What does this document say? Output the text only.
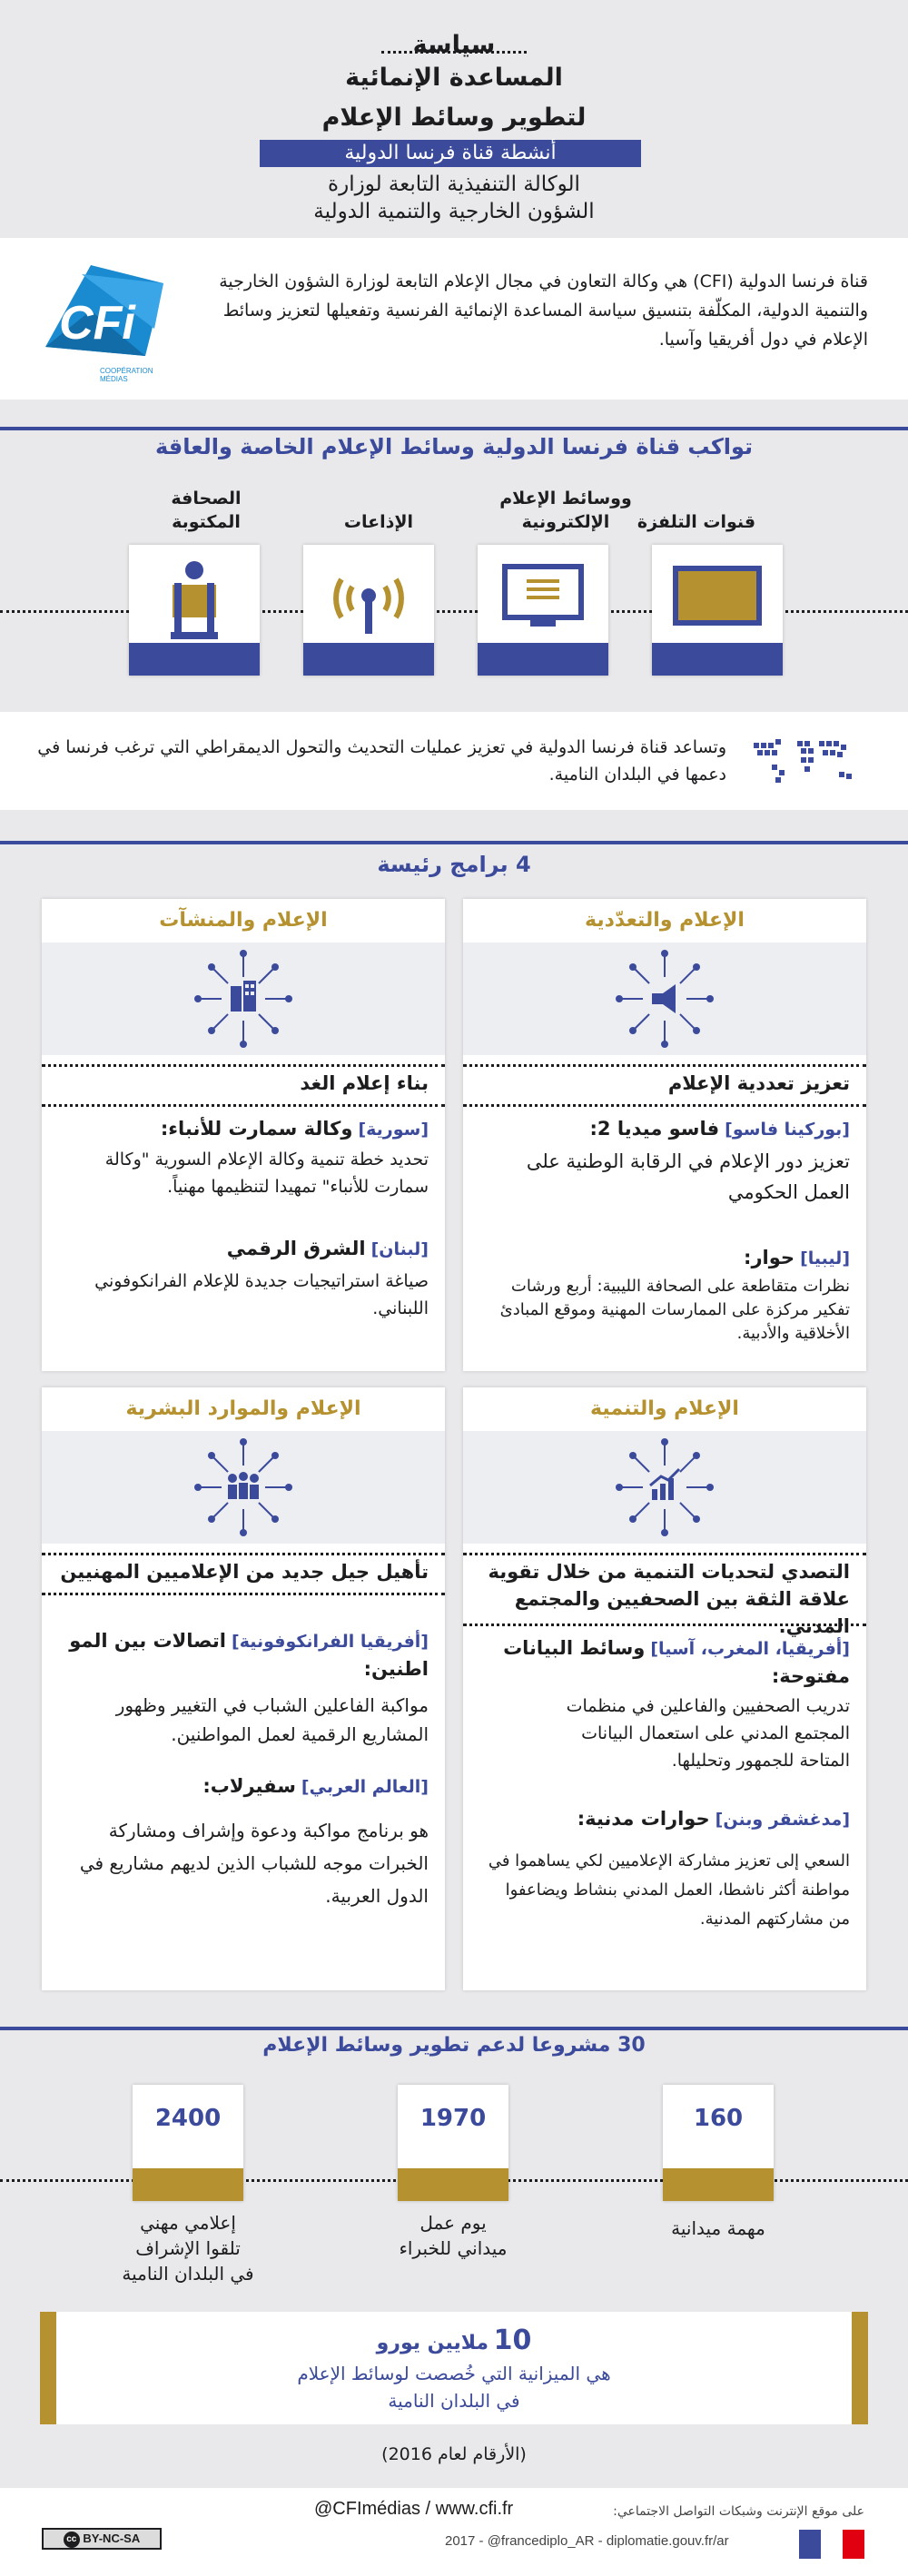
سياسة
المساعدة الإنمائية
لتطوير وسائط الإعلام
أنشطة قناة فرنسا الدولية
الوكالة التنفيذية التابعة لوزارة
الشؤون الخارجية والتنمية الدولية

قناة فرنسا الدولية (CFI) هي وكالة التعاون في مجال الإعلام التابعة لوزارة الشؤون الخارجية والتنمية الدولية، المكلّفة بتنسيق سياسة المساعدة الإنمائية الفرنسية وتفعيلها لتعزيز وسائط الإعلام في دول أفريقيا وآسيا.

CFi
COOPÉRATION
MÉDIAS
تواكب قناة فرنسا الدولية وسائط الإعلام الخاصة والعاقة
قنوات التلفزة

ووسائط الإعلام
الإلكترونية
الإذاعات

الصحافة
المكتوبة

وتساعد قناة فرنسا الدولية في تعزيز عمليات التحديث والتحول الديمقراطي التي ترغب فرنسا في دعمها في البلدان النامية.

4 برامج رئيسة
الإعلام والتعدّدية
تعزيز تعددية الإعلام
[بوركينا فاسو] فاسو ميديا 2:
تعزيز دور الإعلام في الرقابة الوطنية على العمل الحكومي
[ليبيا] حوار:
نظرات متقاطعة على الصحافة الليبية: أربع ورشات تفكير مركزة على الممارسات المهنية وموقع المبادئ الأخلاقية والأدبية.
الإعلام والمنشآت
بناء إعلام الغد
[سورية] وكالة سمارت للأنباء:
تحديد خطة تنمية وكالة الإعلام السورية "وكالة سمارت للأنباء" تمهيدا لتنظيمها مهنياً.
[لبنان] الشرق الرقمي
صياغة استراتيجيات جديدة للإعلام الفرانكوفوني اللبناني.
الإعلام والتنمية
التصدي لتحديات التنمية من خلال تقوية علاقة الثقة بين الصحفيين والمجتمع المدني.
[أفريقيا، المغرب، آسيا] وسائط البيانات مفتوحة:
تدريب الصحفيين والفاعلين في منظمات المجتمع المدني على استعمال البيانات المتاحة للجمهور وتحليلها.
[مدغشقر وبنن] حوارات مدنية:
السعي إلى تعزيز مشاركة الإعلاميين لكي يساهموا في مواطنة أكثر ناشطا، العمل المدني بنشاط ويضاعفوا من مشاركتهم المدنية.
الإعلام والموارد البشرية
تأهيل جيل جديد من الإعلاميين المهنيين
[أفريقيا الفرانكوفونية] اتصالات بين المو اطنين:
مواكبة الفاعلين الشباب في التغيير وظهور المشاريع الرقمية لعمل المواطنين.
[العالم العربي] سفيرلاب:
هو برنامج مواكبة ودعوة وإشراف ومشاركة الخبرات موجه للشباب الذين لديهم مشاريع في الدول العربية.
30 مشروعا لدعم تطوير وسائط الإعلام
160
1970
2400
مهمة ميدانية
يوم عمل
ميداني للخبراء
إعلامي مهني
تلقوا الإشراف
في البلدان النامية
10 ملايين يورو
هي الميزانية التي خُصصت لوسائط الإعلام
في البلدان النامية
(الأرقام لعام 2016)
على موقع الإنترنت وشبكات التواصل الاجتماعي:
@CFImédias / www.cfi.fr
cc BY-NC-SA	2017 - @francediplo_AR - diplomatie.gouv.fr/ar
